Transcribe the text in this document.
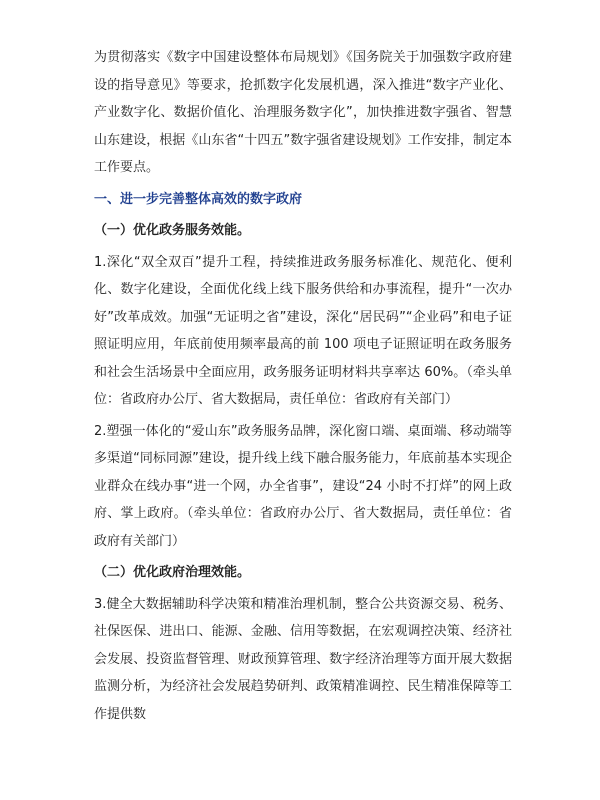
为贯彻落实《数字中国建设整体布局规划》《国务院关于加强数字政府建设的指导意见》等要求，抢抓数字化发展机遇，深入推进“数字产业化、产业数字化、数据价值化、治理服务数字化”，加快推进数字强省、智慧山东建设，根据《山东省“十四五”数字强省建设规划》工作安排，制定本工作要点。

一、进一步完善整体高效的数字政府

（一）优化政务服务效能。

1.深化“双全双百”提升工程，持续推进政务服务标准化、规范化、便利化、数字化建设，全面优化线上线下服务供给和办事流程，提升“一次办好”改革成效。加强“无证明之省”建设，深化“居民码”“企业码”和电子证照证明应用，年底前使用频率最高的前 100 项电子证照证明在政务服务和社会生活场景中全面应用，政务服务证明材料共享率达 60%。（牵头单位：省政府办公厅、省大数据局，责任单位：省政府有关部门）

2.塑强一体化的“爱山东”政务服务品牌，深化窗口端、桌面端、移动端等多渠道“同标同源”建设，提升线上线下融合服务能力，年底前基本实现企业群众在线办事“进一个网，办全省事”，建设“24 小时不打烊”的网上政府、掌上政府。（牵头单位：省政府办公厅、省大数据局，责任单位：省政府有关部门）

（二）优化政府治理效能。

3.健全大数据辅助科学决策和精准治理机制，整合公共资源交易、税务、社保医保、进出口、能源、金融、信用等数据，在宏观调控决策、经济社会发展、投资监督管理、财政预算管理、数字经济治理等方面开展大数据监测分析，为经济社会发展趋势研判、政策精准调控、民生精准保障等工作提供数
